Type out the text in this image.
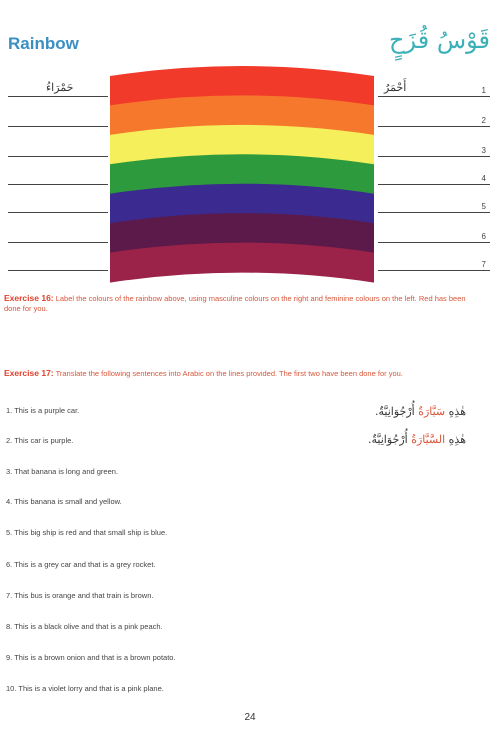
Rainbow	قَوْسُ قُزَحٍ
1
أَحْمَرُ
حَمْرَاءُ
2
3
4
5
6
7
Exercise 16: Label the colours of the rainbow above, using masculine colours on the right and feminine colours on the left. Red has been done for you.
Exercise 17: Translate the following sentences into Arabic on the lines provided. The first two have been done for you.
1. This is a purple car.
2. This car is purple.
3. That banana is long and green.
4. This banana is small and yellow.
5. This big ship is red and that small ship is blue.
6. This is a grey car and that is a grey rocket.
7. This bus is orange and that train is brown.
8. This is a black olive and that is a pink peach.
9. This is a brown onion and that is a brown potato.
10. This is a violet lorry and that is a pink plane.
هٰذِهِ سَيَّارَةٌ أُرْجُوَانِيَّةٌ.
هٰذِهِ السَّيَّارَةُ أُرْجُوَانِيَّةٌ.
24
